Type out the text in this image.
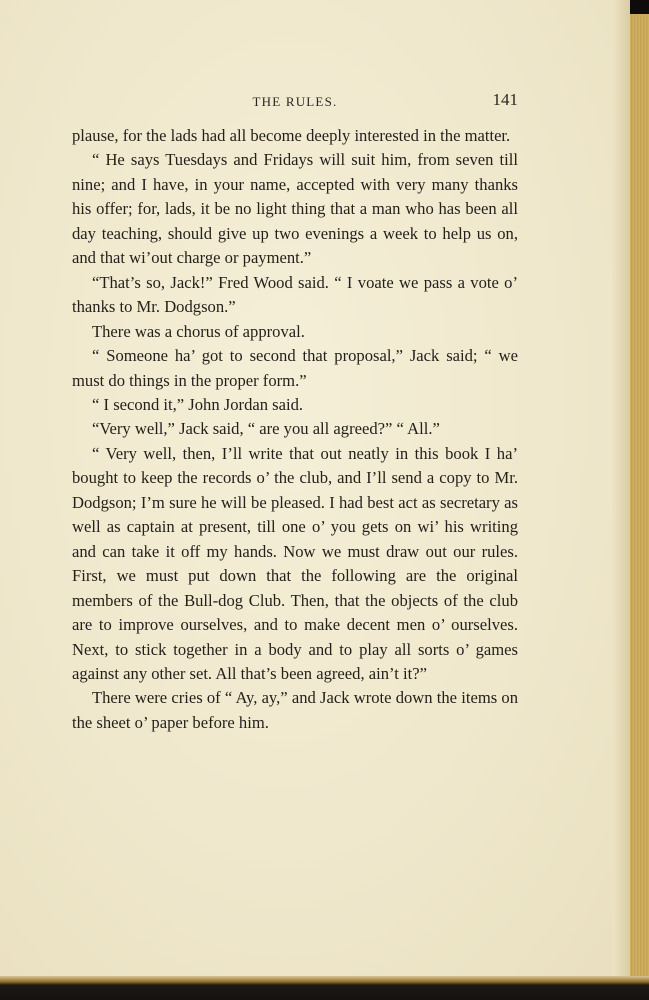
THE RULES.	141

plause, for the lads had all become deeply interested in the matter.

“ He says Tuesdays and Fridays will suit him, from seven till nine; and I have, in your name, accepted with very many thanks his offer; for, lads, it be no light thing that a man who has been all day teaching, should give up two evenings a week to help us on, and that wi’out charge or payment.”

“That’s so, Jack!” Fred Wood said. “ I voate we pass a vote o’ thanks to Mr. Dodgson.”

There was a chorus of approval.

“ Someone ha’ got to second that proposal,” Jack said; “ we must do things in the proper form.”

“ I second it,” John Jordan said.

“Very well,” Jack said, “ are you all agreed?” “ All.”

“ Very well, then, I’ll write that out neatly in this book I ha’ bought to keep the records o’ the club, and I’ll send a copy to Mr. Dodgson; I’m sure he will be pleased. I had best act as secretary as well as captain at present, till one o’ you gets on wi’ his writing and can take it off my hands. Now we must draw out our rules. First, we must put down that the following are the original members of the Bull-dog Club. Then, that the objects of the club are to improve ourselves, and to make decent men o’ ourselves. Next, to stick together in a body and to play all sorts o’ games against any other set. All that’s been agreed, ain’t it?”

There were cries of “ Ay, ay,” and Jack wrote down the items on the sheet o’ paper before him.
